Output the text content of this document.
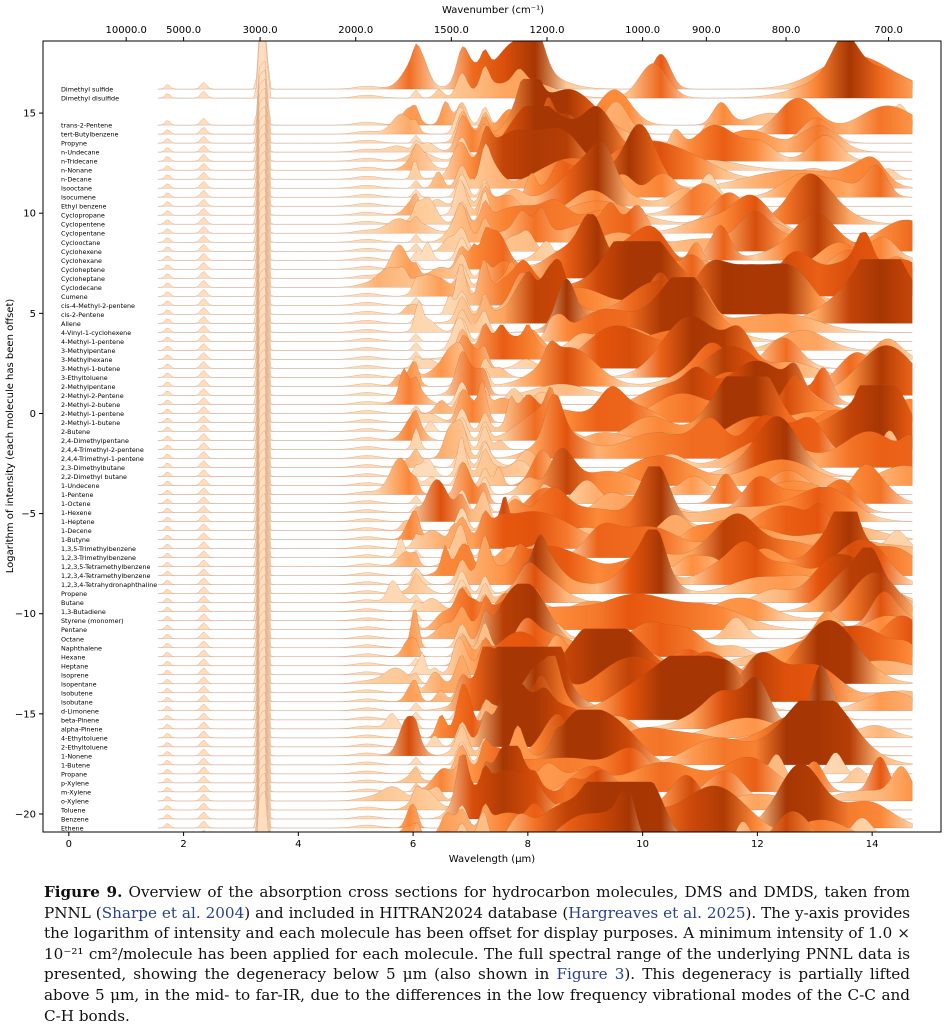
Wavenumber (cm⁻¹)
Dimethyl sulfide
Dimethyl disulfide
trans-2-Pentene
tert-Butylbenzene
Propyne
n-Undecane
n-Tridecane
n-Nonane
n-Decane
Isooctane
Isocumene
Ethyl benzene
Cyclopropane
Cyclopentene
Cyclopentane
Cyclooctane
Cyclohexene
Cyclohexane
Cycloheptene
Cycloheptane
Cyclodecane
Cumene
cis-4-Methyl-2-pentene
cis-2-Pentene
Allene
4-Vinyl-1-cyclohexene
4-Methyl-1-pentene
3-Methylpentane
3-Methylhexane
3-Methyl-1-butene
3-Ethyltoluene
2-Methylpentane
2-Methyl-2-Pentene
2-Methyl-2-butene
2-Methyl-1-pentene
2-Methyl-1-butene
2-Butene
2,4-Dimethylpentane
2,4,4-Trimethyl-2-pentene
2,4,4-Trimethyl-1-pentene
2,3-Dimethylbutane
2,2-Dimethyl butane
1-Undecene
1-Pentene
1-Octene
1-Hexene
1-Heptene
1-Decene
1-Butyne
1,3,5-Trimethylbenzene
1,2,3-Trimethylbenzene
1,2,3,5-Tetramethylbenzene
1,2,3,4-Tetramethylbenzene
1,2,3,4-Tetrahydronaphthaline
Propene
Butane
1,3-Butadiene
Styrene (monomer)
Pentane
Octane
Naphthalene
Hexane
Heptane
Isoprene
Isopentane
Isobutene
Isobutane
d-Limonene
beta-Pinene
alpha-Pinene
4-Ethyltoluene
2-Ethyltoluene
1-Nonene
1-Butene
Propane
p-Xylene
m-Xylene
o-Xylene
Toluene
Benzene
Ethene
0	2	4	6	8	10	12	14
15
10
5
0
−5
−10
−15
−20
10000.0 5000.0	3000.0	2000.0	1500.0	1200.0	1000.0	900.0	800.0	700.0
Wavelength (μm)
Logarithm of intensity (each molecule has been offset)
Figure 9. Overview of the absorption cross sections for hydrocarbon molecules, DMS and DMDS, taken from PNNL (Sharpe et al. 2004) and included in HITRAN2024 database (Hargreaves et al. 2025). The y-axis provides the logarithm of intensity and each molecule has been offset for display purposes. A minimum intensity of 1.0 × 10⁻²¹ cm²/molecule has been applied for each molecule. The full spectral range of the underlying PNNL data is presented, showing the degeneracy below 5 μm (also shown in Figure 3). This degeneracy is partially lifted above 5 μm, in the mid- to far-IR, due to the differences in the low frequency vibrational modes of the C-C and C-H bonds.
